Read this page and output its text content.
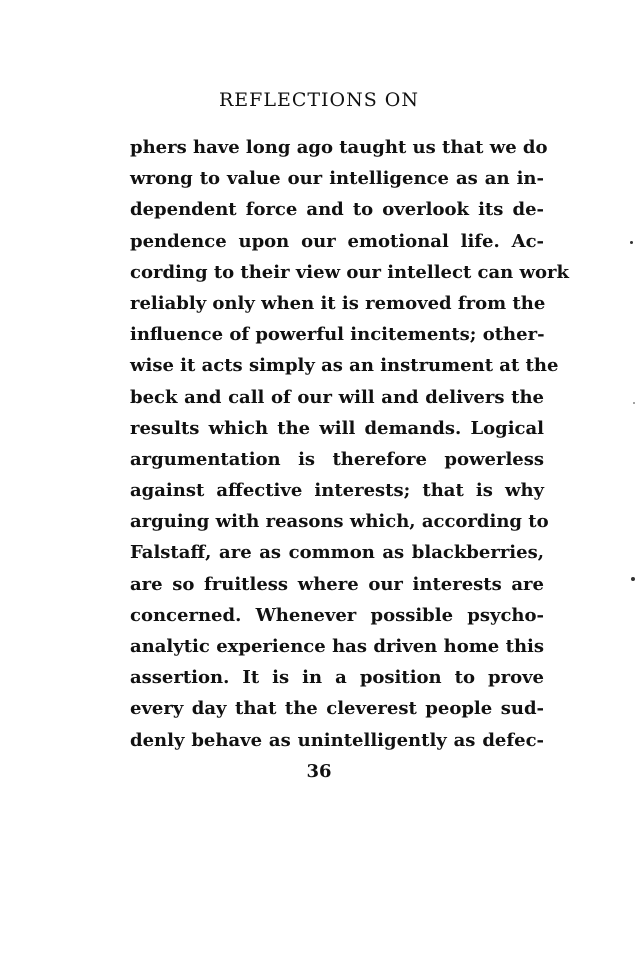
REFLECTIONS ON
phers have long ago taught us that we do
wrong to value our intelligence as an in-
dependent force and to overlook its de-
pendence upon our emotional life. Ac-
cording to their view our intellect can work
reliably only when it is removed from the
influence of powerful incitements; other-
wise it acts simply as an instrument at the
beck and call of our will and delivers the
results which the will demands. Logical
argumentation is therefore powerless
against affective interests; that is why
arguing with reasons which, according to
Falstaff, are as common as blackberries,
are so fruitless where our interests are
concerned. Whenever possible psycho-
analytic experience has driven home this
assertion. It is in a position to prove
every day that the cleverest people sud-
denly behave as unintelligently as defec-
36
